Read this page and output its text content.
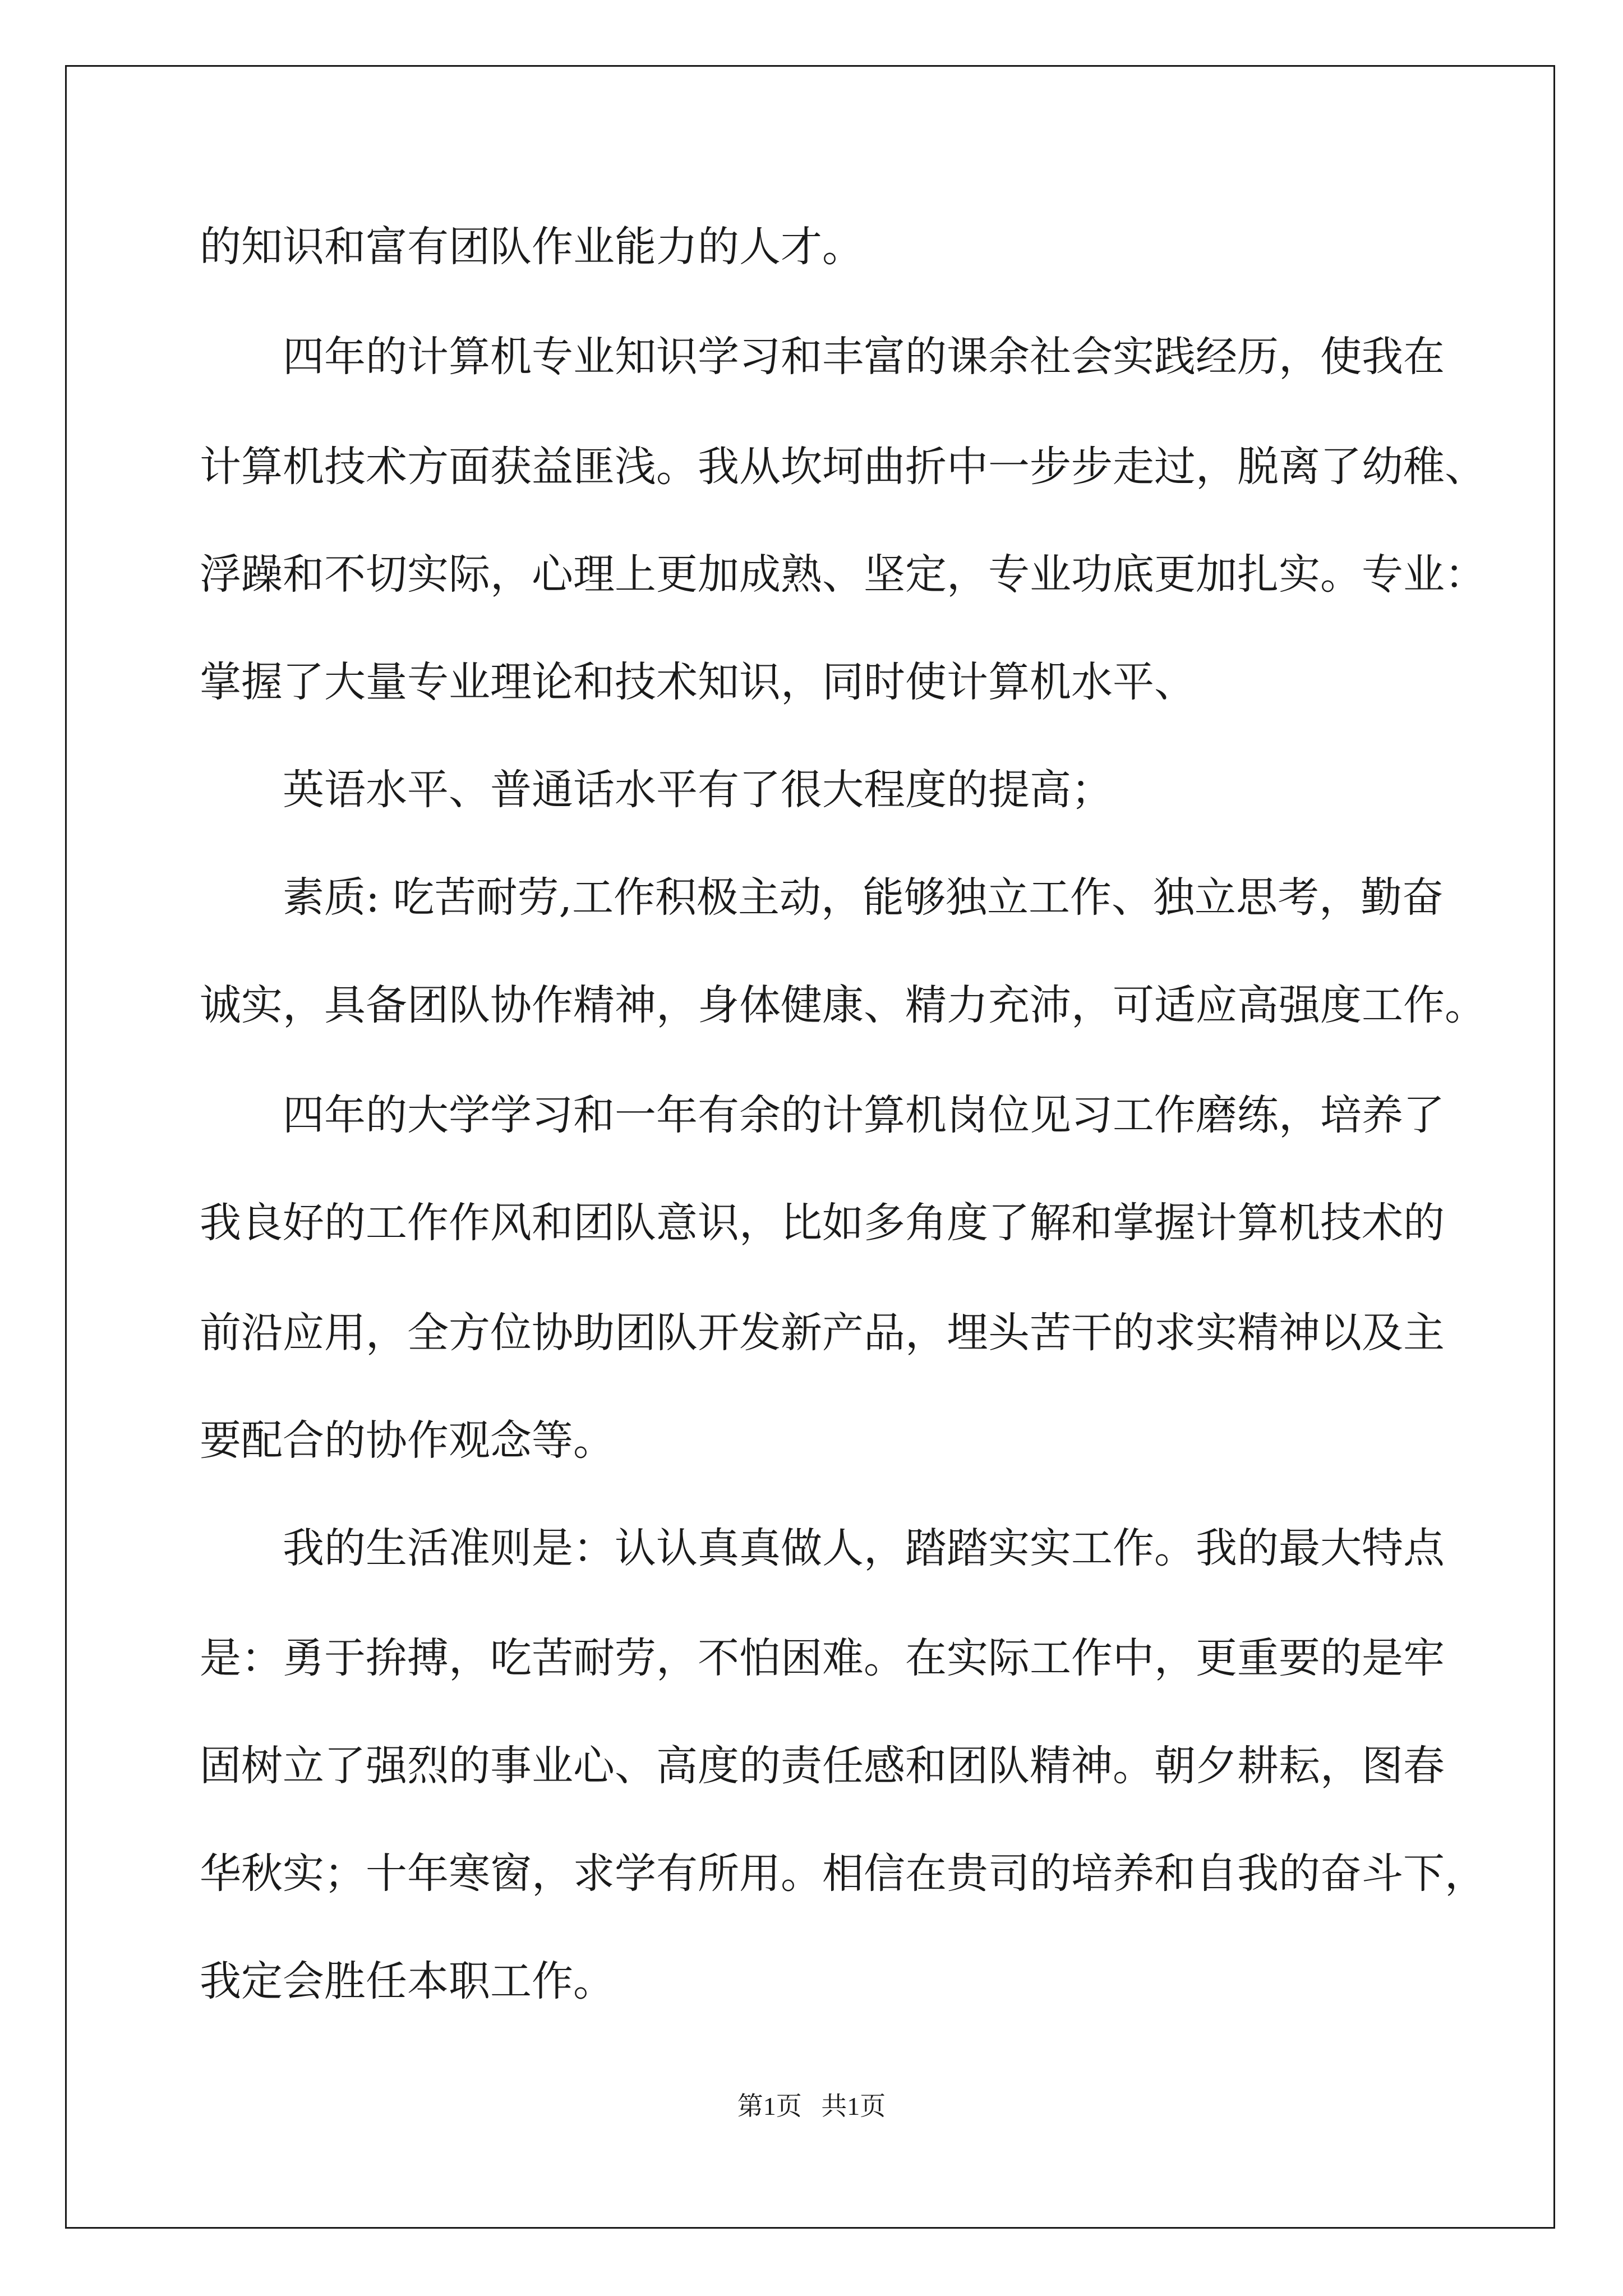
的知识和富有团队作业能力的人才。
四年的计算机专业知识学习和丰富的课余社会实践经历，使我在
计算机技术方面获益匪浅。我从坎坷曲折中一步步走过，脱离了幼稚、
浮躁和不切实际，心理上更加成熟、坚定，专业功底更加扎实。专业：
掌握了大量专业理论和技术知识，同时使计算机水平、
英语水平、普通话水平有了很大程度的提高；
素质: 吃苦耐劳,工作积极主动，能够独立工作、独立思考，勤奋
诚实，具备团队协作精神，身体健康、精力充沛，可适应高强度工作。
四年的大学学习和一年有余的计算机岗位见习工作磨练，培养了
我良好的工作作风和团队意识，比如多角度了解和掌握计算机技术的
前沿应用，全方位协助团队开发新产品，埋头苦干的求实精神以及主
要配合的协作观念等。
我的生活准则是：认认真真做人，踏踏实实工作。我的最大特点
是：勇于拚搏，吃苦耐劳，不怕困难。在实际工作中，更重要的是牢
固树立了强烈的事业心、高度的责任感和团队精神。朝夕耕耘，图春
华秋实；十年寒窗，求学有所用。相信在贵司的培养和自我的奋斗下，
我定会胜任本职工作。
第1页   共1页
